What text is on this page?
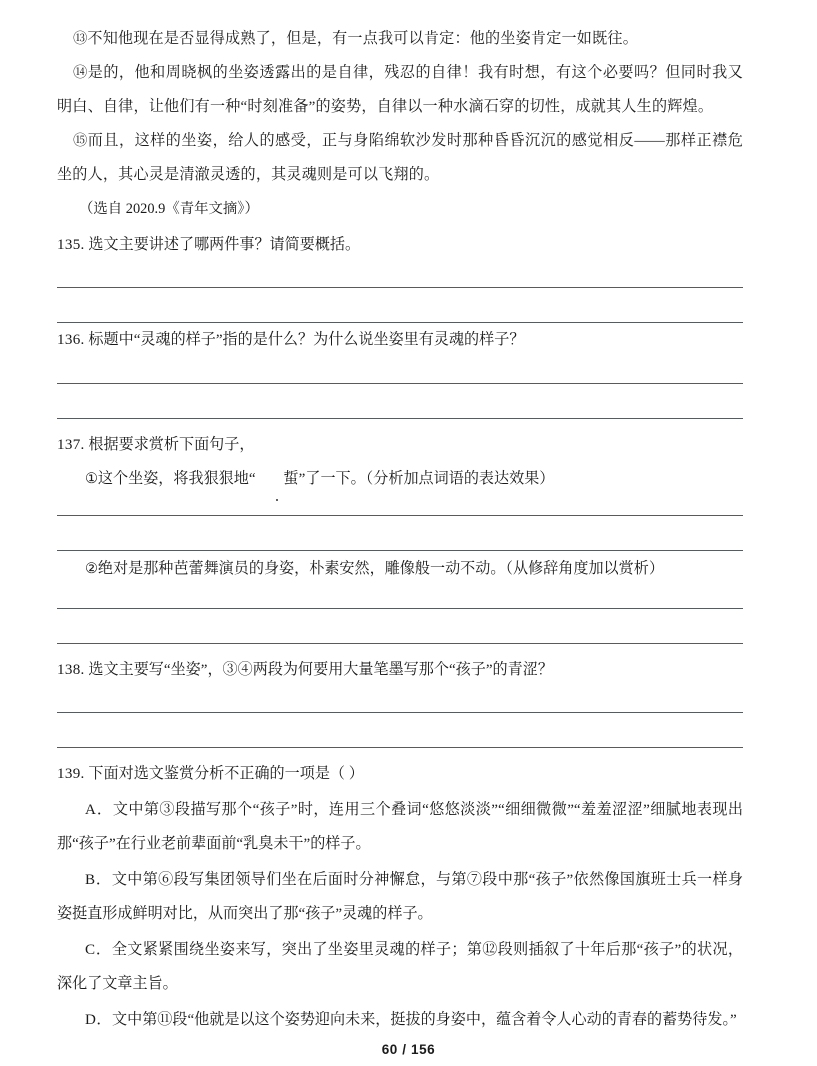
⑬不知他现在是否显得成熟了，但是，有一点我可以肯定：他的坐姿肯定一如既往。

⑭是的，他和周晓枫的坐姿透露出的是自律，残忍的自律！我有时想，有这个必要吗？但同时我又明白、自律，让他们有一种“时刻准备”的姿势，自律以一种水滴石穿的切性，成就其人生的辉煌。

⑮而且，这样的坐姿，给人的感受，正与身陷绵软沙发时那种昏昏沉沉的感觉相反——那样正襟危坐的人，其心灵是清澈灵透的，其灵魂则是可以飞翔的。

（选自 2020.9《青年文摘》）

135. 选文主要讲述了哪两件事？请简要概括。

136. 标题中“灵魂的样子”指的是什么？为什么说坐姿里有灵魂的样子？

137. 根据要求赏析下面句子，

①这个坐姿，将我狠狠地“ 蜇”了一下。（分析加点词语的表达效果）

②绝对是那种芭蕾舞演员的身姿，朴素安然，雕像般一动不动。（从修辞角度加以赏析）

138. 选文主要写“坐姿”，③④两段为何要用大量笔墨写那个“孩子”的青涩？

139. 下面对选文鉴赏分析不正确的一项是（ ）

A．文中第③段描写那个“孩子”时，连用三个叠词“悠悠淡淡”“细细微微”“羞羞涩涩”细腻地表现出那“孩子”在行业老前辈面前“乳臭未干”的样子。

B．文中第⑥段写集团领导们坐在后面时分神懈怠，与第⑦段中那“孩子”依然像国旗班士兵一样身姿挺直形成鲜明对比，从而突出了那“孩子”灵魂的样子。

C．全文紧紧围绕坐姿来写，突出了坐姿里灵魂的样子；第⑫段则插叙了十年后那“孩子”的状况，深化了文章主旨。

D．文中第⑪段“他就是以这个姿势迎向未来，挺拔的身姿中，蕴含着令人心动的青春的蓄势待发。”

60 / 156
